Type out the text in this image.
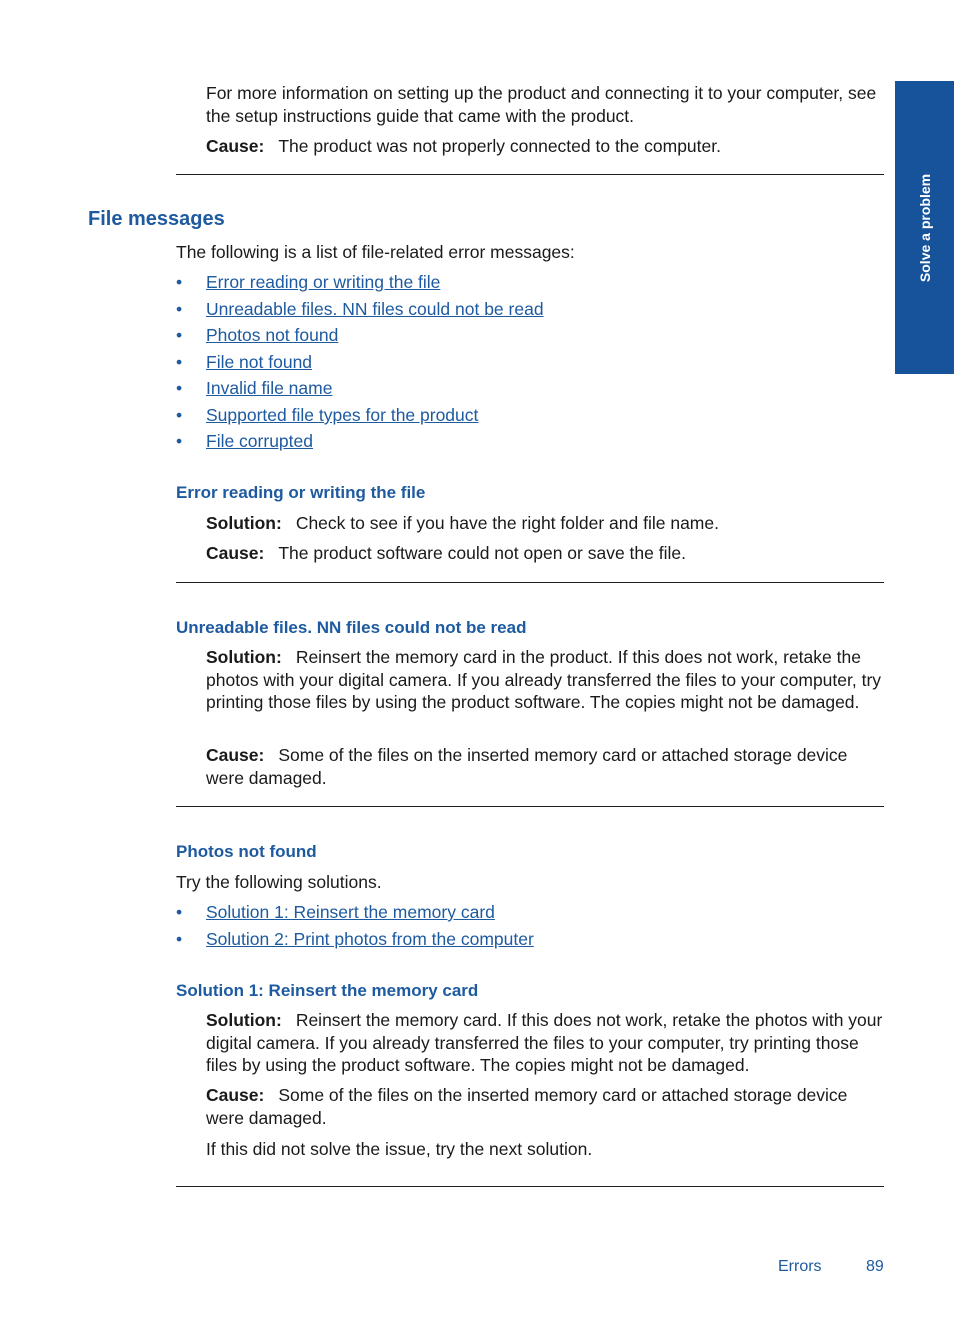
Solve a problem
For more information on setting up the product and connecting it to your computer, see the setup instructions guide that came with the product.
Cause: The product was not properly connected to the computer.
File messages
The following is a list of file-related error messages:
• Error reading or writing the file
• Unreadable files. NN files could not be read
• Photos not found
• File not found
• Invalid file name
• Supported file types for the product
• File corrupted
Error reading or writing the file
Solution: Check to see if you have the right folder and file name.
Cause: The product software could not open or save the file.
Unreadable files. NN files could not be read
Solution: Reinsert the memory card in the product. If this does not work, retake the photos with your digital camera. If you already transferred the files to your computer, try printing those files by using the product software. The copies might not be damaged.
Cause: Some of the files on the inserted memory card or attached storage device were damaged.
Photos not found
Try the following solutions.
• Solution 1: Reinsert the memory card
• Solution 2: Print photos from the computer
Solution 1: Reinsert the memory card
Solution: Reinsert the memory card. If this does not work, retake the photos with your digital camera. If you already transferred the files to your computer, try printing those files by using the product software. The copies might not be damaged.
Cause: Some of the files on the inserted memory card or attached storage device were damaged.
If this did not solve the issue, try the next solution.
Errors	89
